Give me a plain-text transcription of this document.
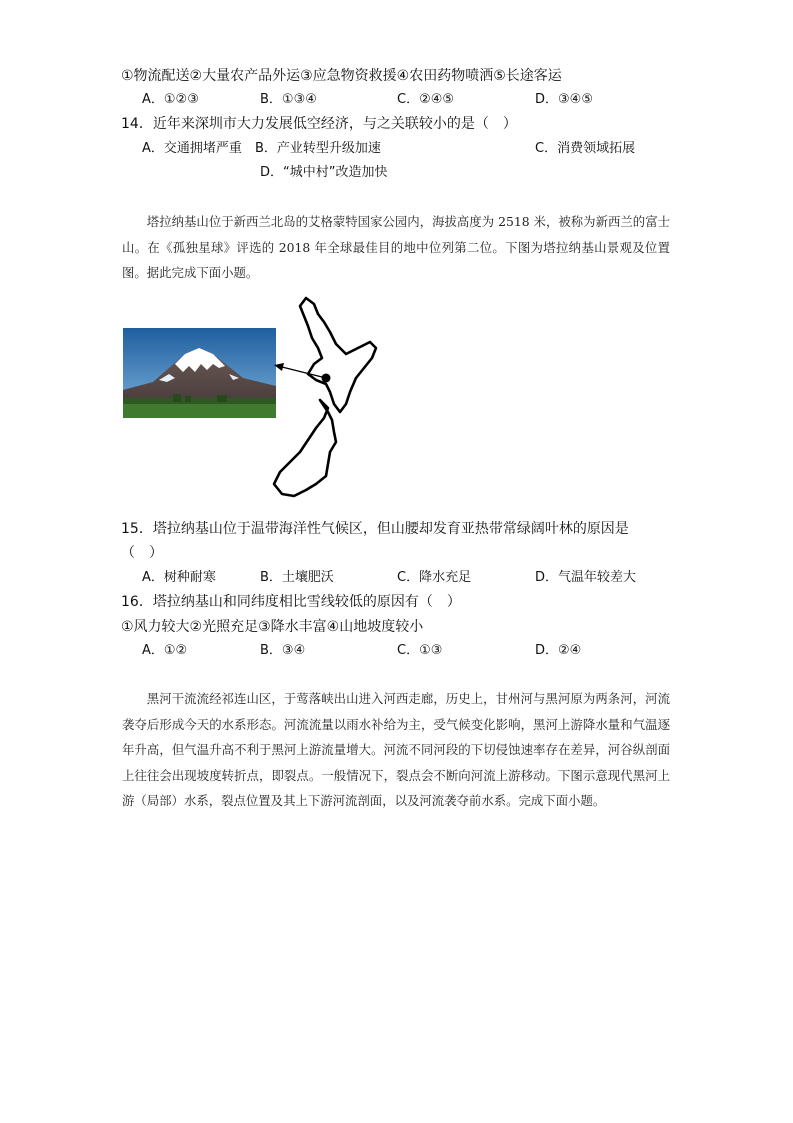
①物流配送②大量农产品外运③应急物资救援④农田药物喷洒⑤长途客运
A．①②③	B．①③④	C．②④⑤	D．③④⑤
14．近年来深圳市大力发展低空经济，与之关联较小的是（　）
A．交通拥堵严重 B．产业转型升级加速	C．消费领域拓展
D．“城中村”改造加快

塔拉纳基山位于新西兰北岛的艾格蒙特国家公园内，海拔高度为 2518 米，被称为新西兰的富士山。在《孤独星球》评选的 2018 年全球最佳目的地中位列第二位。下图为塔拉纳基山景观及位置图。据此完成下面小题。

15．塔拉纳基山位于温带海洋性气候区，但山腰却发育亚热带常绿阔叶林的原因是
（　）
A．树种耐寒	B．土壤肥沃	C．降水充足	D．气温年较差大
16．塔拉纳基山和同纬度相比雪线较低的原因有（　）
①风力较大②光照充足③降水丰富④山地坡度较小
A．①②	B．③④	C．①③	D．②④

黑河干流流经祁连山区，于莺落峡出山进入河西走廊，历史上，甘州河与黑河原为两条河，河流袭夺后形成今天的水系形态。河流流量以雨水补给为主，受气候变化影响，黑河上游降水量和气温逐年升高，但气温升高不利于黑河上游流量增大。河流不同河段的下切侵蚀速率存在差异，河谷纵剖面上往往会出现坡度转折点，即裂点。一般情况下，裂点会不断向河流上游移动。下图示意现代黑河上游（局部）水系，裂点位置及其上下游河流剖面，以及河流袭夺前水系。完成下面小题。
